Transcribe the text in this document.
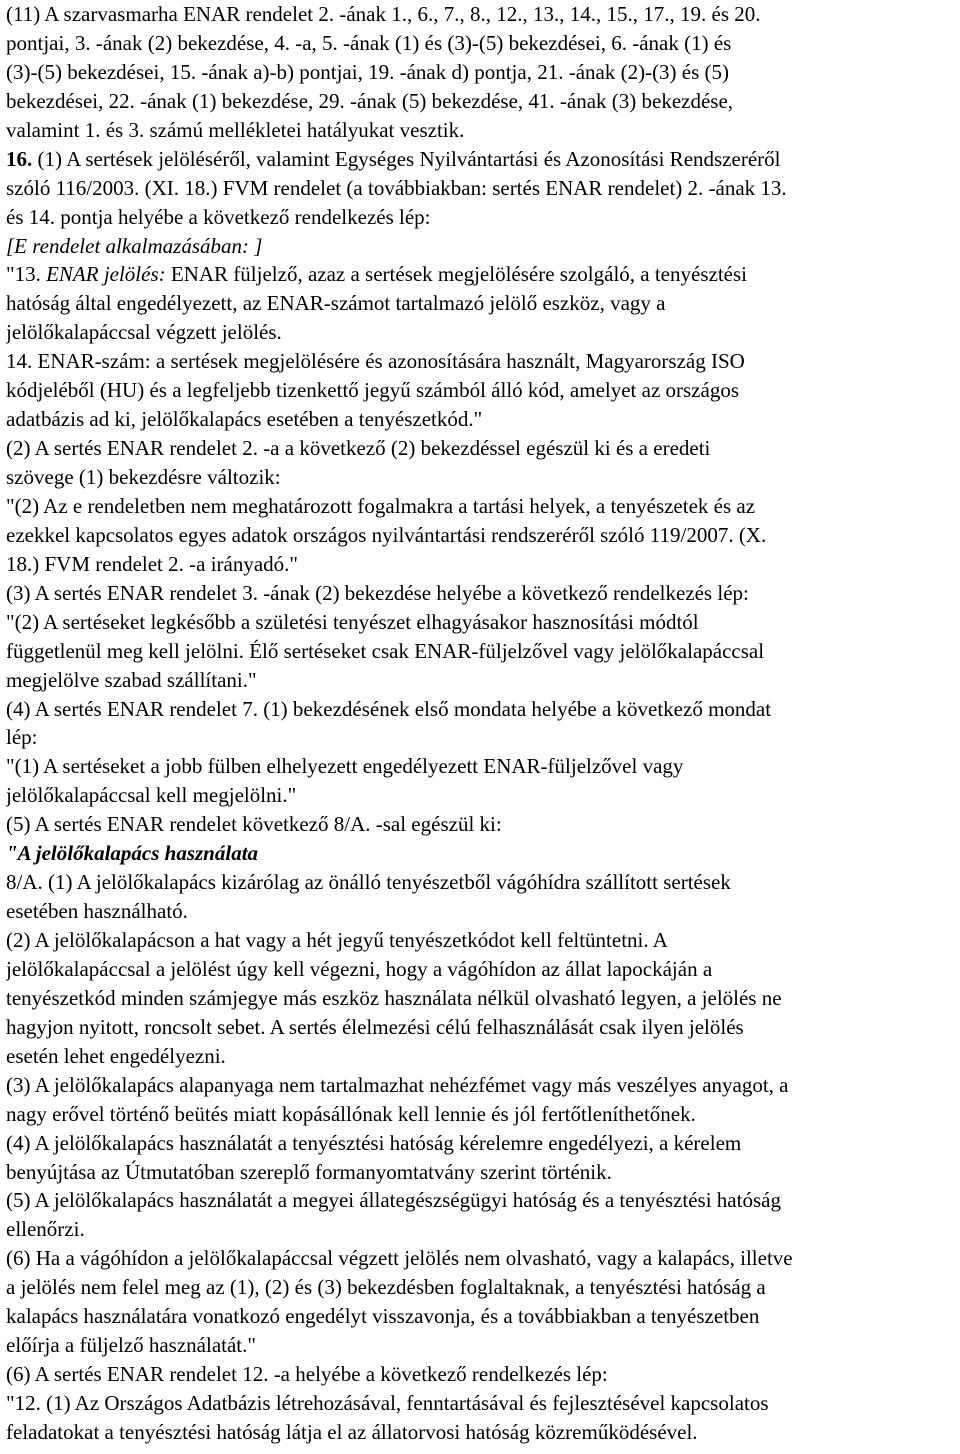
(11) A szarvasmarha ENAR rendelet 2. -ának 1., 6., 7., 8., 12., 13., 14., 15., 17., 19. és 20.
pontjai, 3. -ának (2) bekezdése, 4. -a, 5. -ának (1) és (3)-(5) bekezdései, 6. -ának (1) és
(3)-(5) bekezdései, 15. -ának a)-b) pontjai, 19. -ának d) pontja, 21. -ának (2)-(3) és (5)
bekezdései, 22. -ának (1) bekezdése, 29. -ának (5) bekezdése, 41. -ának (3) bekezdése,
valamint 1. és 3. számú mellékletei hatályukat vesztik.
16. (1) A sertések jelöléséről, valamint Egységes Nyilvántartási és Azonosítási Rendszeréről
szóló 116/2003. (XI. 18.) FVM rendelet (a továbbiakban: sertés ENAR rendelet) 2. -ának 13.
és 14. pontja helyébe a következő rendelkezés lép:
[E rendelet alkalmazásában: ]
"13. ENAR jelölés: ENAR füljelző, azaz a sertések megjelölésére szolgáló, a tenyésztési
hatóság által engedélyezett, az ENAR-számot tartalmazó jelölő eszköz, vagy a
jelölőkalapáccsal végzett jelölés.
14. ENAR-szám: a sertések megjelölésére és azonosítására használt, Magyarország ISO
kódjeléből (HU) és a legfeljebb tizenkettő jegyű számból álló kód, amelyet az országos
adatbázis ad ki, jelölőkalapács esetében a tenyészetkód."
(2) A sertés ENAR rendelet 2. -a a következő (2) bekezdéssel egészül ki és a eredeti
szövege (1) bekezdésre változik:
"(2) Az e rendeletben nem meghatározott fogalmakra a tartási helyek, a tenyészetek és az
ezekkel kapcsolatos egyes adatok országos nyilvántartási rendszeréről szóló 119/2007. (X.
18.) FVM rendelet 2. -a irányadó."
(3) A sertés ENAR rendelet 3. -ának (2) bekezdése helyébe a következő rendelkezés lép:
"(2) A sertéseket legkésőbb a születési tenyészet elhagyásakor hasznosítási módtól
függetlenül meg kell jelölni. Élő sertéseket csak ENAR-füljelzővel vagy jelölőkalapáccsal
megjelölve szabad szállítani."
(4) A sertés ENAR rendelet 7. (1) bekezdésének első mondata helyébe a következő mondat
lép:
"(1) A sertéseket a jobb fülben elhelyezett engedélyezett ENAR-füljelzővel vagy
jelölőkalapáccsal kell megjelölni."
(5) A sertés ENAR rendelet következő 8/A. -sal egészül ki:
"A jelölőkalapács használata
8/A. (1) A jelölőkalapács kizárólag az önálló tenyészetből vágóhídra szállított sertések
esetében használható.
(2) A jelölőkalapácson a hat vagy a hét jegyű tenyészetkódot kell feltüntetni. A
jelölőkalapáccsal a jelölést úgy kell végezni, hogy a vágóhídon az állat lapockáján a
tenyészetkód minden számjegye más eszköz használata nélkül olvasható legyen, a jelölés ne
hagyjon nyitott, roncsolt sebet. A sertés élelmezési célú felhasználását csak ilyen jelölés
esetén lehet engedélyezni.
(3) A jelölőkalapács alapanyaga nem tartalmazhat nehézfémet vagy más veszélyes anyagot, a
nagy erővel történő beütés miatt kopásállónak kell lennie és jól fertőtleníthetőnek.
(4) A jelölőkalapács használatát a tenyésztési hatóság kérelemre engedélyezi, a kérelem
benyújtása az Útmutatóban szereplő formanyomtatvány szerint történik.
(5) A jelölőkalapács használatát a megyei állategészségügyi hatóság és a tenyésztési hatóság
ellenőrzi.
(6) Ha a vágóhídon a jelölőkalapáccsal végzett jelölés nem olvasható, vagy a kalapács, illetve
a jelölés nem felel meg az (1), (2) és (3) bekezdésben foglaltaknak, a tenyésztési hatóság a
kalapács használatára vonatkozó engedélyt visszavonja, és a továbbiakban a tenyészetben
előírja a füljelző használatát."
(6) A sertés ENAR rendelet 12. -a helyébe a következő rendelkezés lép:
"12. (1) Az Országos Adatbázis létrehozásával, fenntartásával és fejlesztésével kapcsolatos
feladatokat a tenyésztési hatóság látja el az állatorvosi hatóság közreműködésével.
